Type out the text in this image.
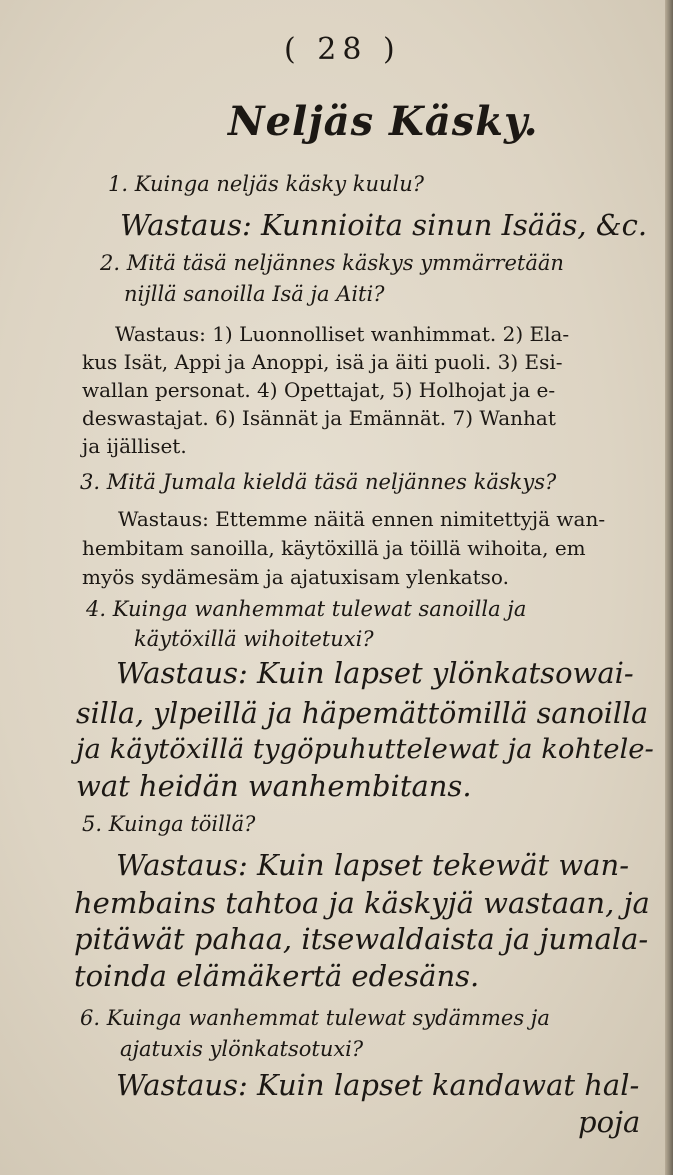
( 28 )
Neljäs Käsky.
1. Kuinga neljäs käsky kuulu?
Wastaus: Kunnioita sinun Isääs, &c.
2. Mitä täsä neljännes käskys ymmärretään
nijllä sanoilla Isä ja Aiti?
Wastaus: 1) Luonnolliset wanhimmat. 2) Ela-
kus Isät, Appi ja Anoppi, isä ja äiti puoli. 3) Esi-
wallan personat. 4) Opettajat, 5) Holhojat ja e-
deswastajat. 6) Isännät ja Emännät. 7) Wanhat
ja ijälliset.
3. Mitä Jumala kieldä täsä neljännes käskys?
Wastaus: Ettemme näitä ennen nimitettyjä wan-
hembitam sanoilla, käytöxillä ja töillä wihoita, em
myös sydämesäm ja ajatuxisam ylenkatso.
4. Kuinga wanhemmat tulewat sanoilla ja
käytöxillä wihoitetuxi?
Wastaus: Kuin lapset ylönkatsowai-
silla, ylpeillä ja häpemättömillä sanoilla
ja käytöxillä tygöpuhuttelewat ja kohtele-
wat heidän wanhembitans.
5. Kuinga töillä?
Wastaus: Kuin lapset tekewät wan-
hembains tahtoa ja käskyjä wastaan, ja
pitäwät pahaa, itsewaldaista ja jumala-
toinda elämäkertä edesäns.
6. Kuinga wanhemmat tulewat sydämmes ja
ajatuxis ylönkatsotuxi?
Wastaus: Kuin lapset kandawat hal-
poja
